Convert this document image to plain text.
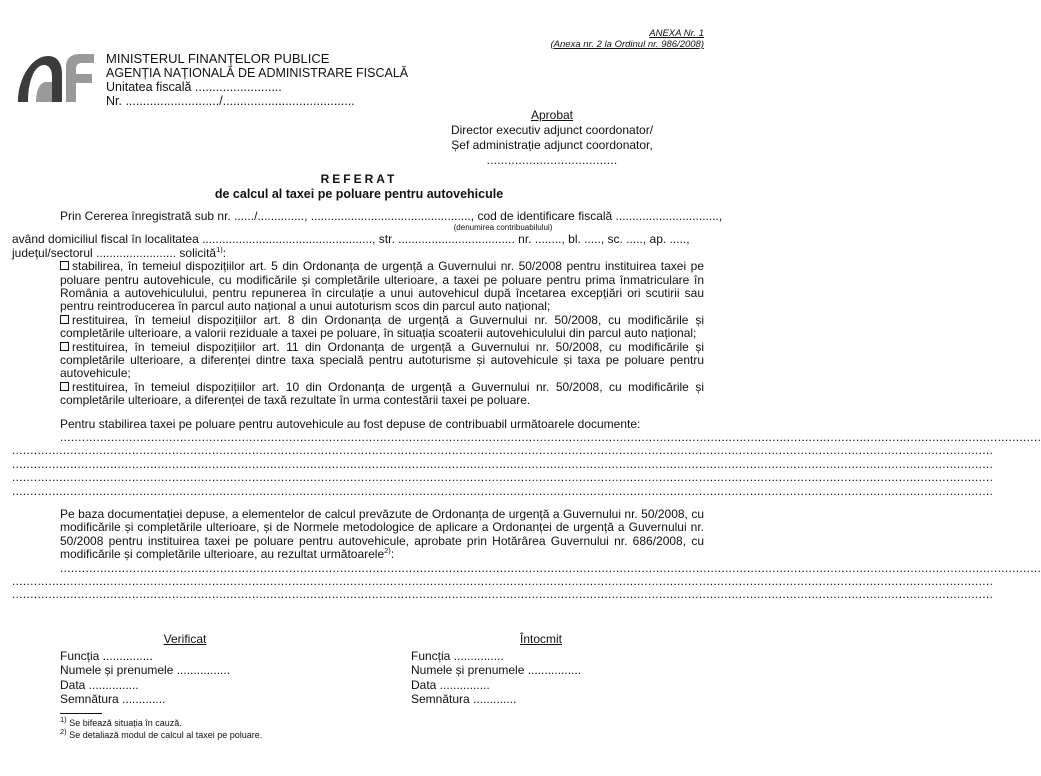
ANEXA Nr. 1
(Anexa nr. 2 la Ordinul nr. 986/2008)
MINISTERUL FINANȚELOR PUBLICE
AGENȚIA NAȚIONALĂ DE ADMINISTRARE FISCALĂ
Unitatea fiscală .........................
Nr. .........................../......................................
Aprobat
Director executiv adjunct coordonator/
Șef administrație adjunct coordonator,
.....................................
REFERAT
de calcul al taxei pe poluare pentru autovehicule
Prin Cererea înregistrată sub nr. ....../.............., ................................................, cod de identificare fiscală ...............................,
(denumirea contribuabilului)
având domiciliul fiscal în localitatea ..................................................., str. ................................... nr. ........, bl. ....., sc. ....., ap. .....,
județul/sectorul ........................ solicită$^{1)}$:
stabilirea, în temeiul dispozițiilor art. 5 din Ordonanța de urgență a Guvernului nr. 50/2008 pentru instituirea taxei pe poluare pentru autovehicule, cu modificările și completările ulterioare, a taxei pe poluare pentru prima înmatriculare în România a autovehiculului, pentru repunerea în circulație a unui autovehicul după încetarea excepțiări ori scutirii sau pentru reintroducerea în parcul auto național a unui autoturism scos din parcul auto național;
restituirea, în temeiul dispozițiilor art. 8 din Ordonanța de urgență a Guvernului nr. 50/2008, cu modificările și completările ulterioare, a valorii reziduale a taxei pe poluare, în situația scoaterii autovehiculului din parcul auto național;
restituirea, în temeiul dispozițiilor art. 11 din Ordonanța de urgență a Guvernului nr. 50/2008, cu modificările și completările ulterioare, a diferenței dintre taxa specială pentru autoturisme și autovehicule și taxa pe poluare pentru autovehicule;
restituirea, în temeiul dispozițiilor art. 10 din Ordonanța de urgență a Guvernului nr. 50/2008, cu modificările și completările ulterioare, a diferenței de taxă rezultate în urma contestării taxei pe poluare.
Pentru stabilirea taxei pe poluare pentru autovehicule au fost depuse de contribuabil următoarele documente:
..............................................................................................................................................................................................................................................................................
..............................................................................................................................................................................................................................................................................
..............................................................................................................................................................................................................................................................................
..............................................................................................................................................................................................................................................................................
..............................................................................................................................................................................................................................................................................
Pe baza documentației depuse, a elementelor de calcul prevăzute de Ordonanța de urgență a Guvernului nr. 50/2008, cu modificările și completările ulterioare, și de Normele metodologice de aplicare a Ordonanței de urgență a Guvernului nr. 50/2008 pentru instituirea taxei pe poluare pentru autovehicule, aprobate prin Hotărârea Guvernului nr. 686/2008, cu modificările și completările ulterioare, au rezultat următoarele$^{2)}$:
..............................................................................................................................................................................................................................................................................
..............................................................................................................................................................................................................................................................................
..............................................................................................................................................................................................................................................................................
Verificat
Funcția ...............
Numele și prenumele ................
Data ...............
Semnătura .............
Întocmit
Funcția ...............
Numele și prenumele ................
Data ...............
Semnătura .............
$^{1)}$ Se bifează situația în cauză.
$^{2)}$ Se detaliază modul de calcul al taxei pe poluare.
